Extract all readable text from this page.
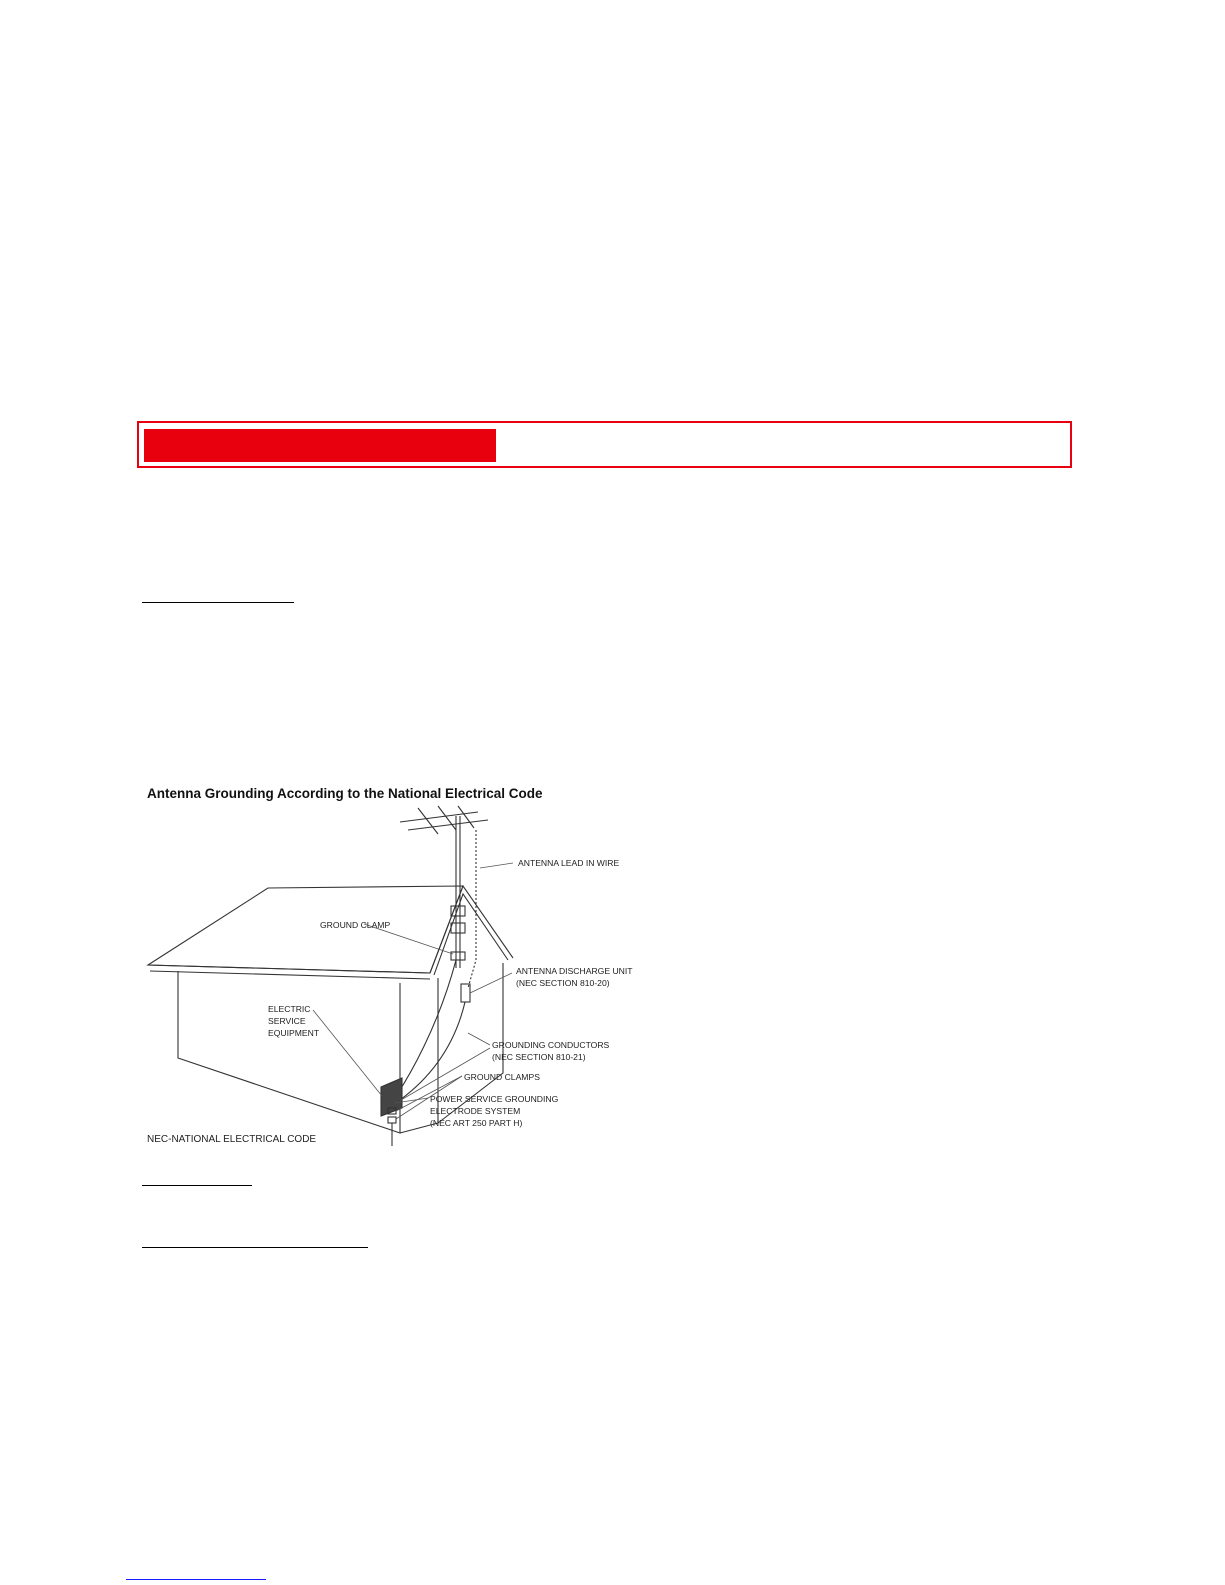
Antenna Grounding According to the National Electrical Code
ANTENNA LEAD IN WIRE
GROUND CLAMP
ANTENNA DISCHARGE UNIT
(NEC SECTION 810-20)
ELECTRIC
SERVICE
EQUIPMENT
GROUNDING CONDUCTORS
(NEC SECTION 810-21)
GROUND CLAMPS
POWER SERVICE GROUNDING
ELECTRODE SYSTEM
(NEC ART 250 PART H)
NEC-NATIONAL ELECTRICAL CODE
